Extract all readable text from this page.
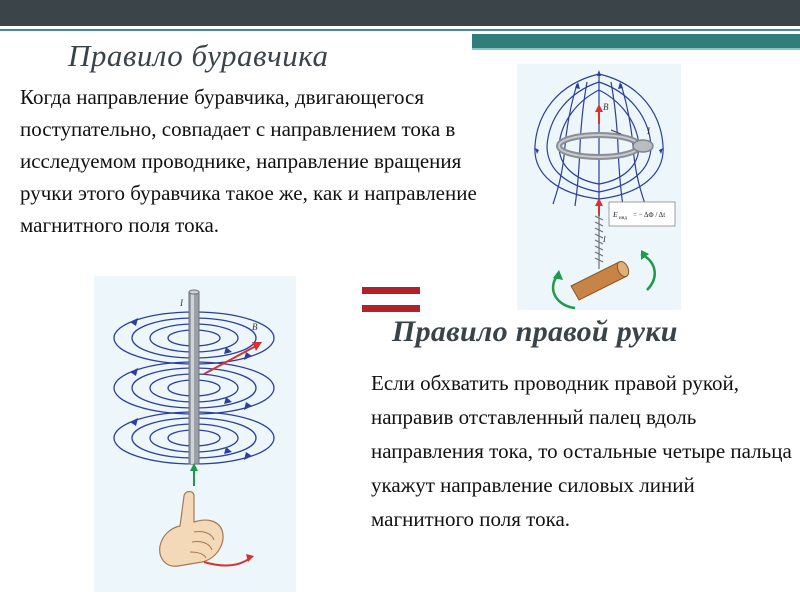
Правило буравчика
Когда направление буравчика, двигающегося поступательно, совпадает с направлением тока в исследуемом проводнике, направление вращения ручки этого буравчика такое же, как и направление магнитного поля тока.
B
I
E инд = − ΔΦ / Δt
I
I
B	Правило правой руки
Если обхватить проводник правой рукой, направив отставленный палец вдоль направления тока, то остальные четыре пальца укажут направление силовых линий магнитного поля тока.
